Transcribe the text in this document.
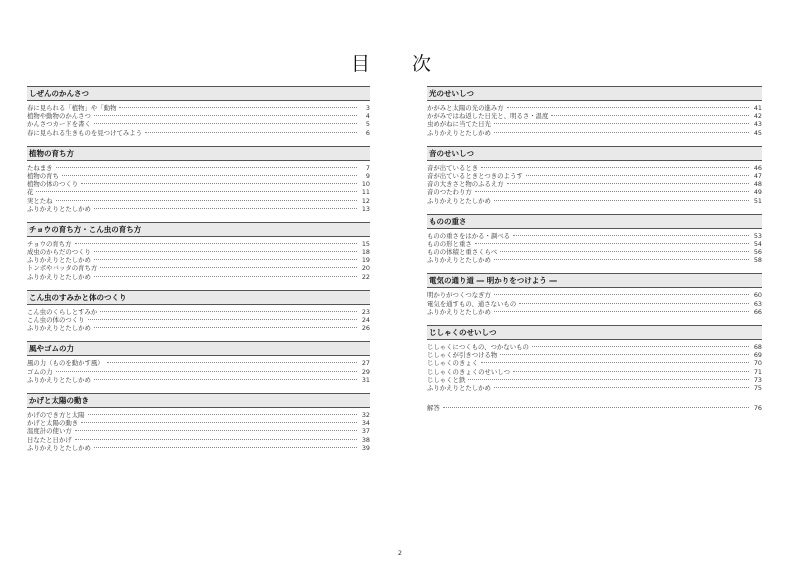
目 次
しぜんのかんさつ
春に見られる「植物」や「動物	3
植物や動物のかんさつ	4
かんさつカードを書く	5
春に見られる生きものを見つけてみよう	6
植物の育ち方
たねまき	7
植物の育ち	9
植物の体のつくり	10
花	11
実とたね	12
ふりかえりとたしかめ	13
チョウの育ち方・こん虫の育ち方
チョウの育ち方	15
成虫のからだのつくり	18
ふりかえりとたしかめ	19
トンボやバッタの育ち方	20
ふりかえりとたしかめ	22
こん虫のすみかと体のつくり
こん虫のくらしとすみか	23
こん虫の体のつくり	24
ふりかえりとたしかめ	26
風やゴムの力
風の力（ものを動かす風）	27
ゴムの力	29
ふりかえりとたしかめ	31
かげと太陽の動き
かげのでき方と太陽	32
かげと太陽の動き	34
温度計の使い方	37
日なたと日かげ	38
ふりかえりとたしかめ	39
光のせいしつ
かがみと太陽の光の進み方	41
かがみではね返した日光と、明るさ・温度	42
虫めがねに当てた日光	43
ふりかえりとたしかめ	45
音のせいしつ
音が出ているとき	46
音が出ているときとつきのようす	47
音の大きさと物のふるえ方	48
音のつたわり方	49
ふりかえりとたしかめ	51
ものの重さ
ものの重さをはかる・調べる	53
ものの形と重さ	54
ものの体積と重さくらべ	56
ふりかえりとたしかめ	58
電気の通り道 ― 明かりをつけよう ―
明かりがつくつなぎ方	60
電気を通すもの、通さないもの	63
ふりかえりとたしかめ	66
じしゃくのせいしつ
じしゃくにつくもの、つかないもの	68
じしゃくが引きつける物	69
じしゃくのきょく	70
じしゃくのきょくのせいしつ	71
じしゃくと鉄	73
ふりかえりとたしかめ	75
解答	76
2
